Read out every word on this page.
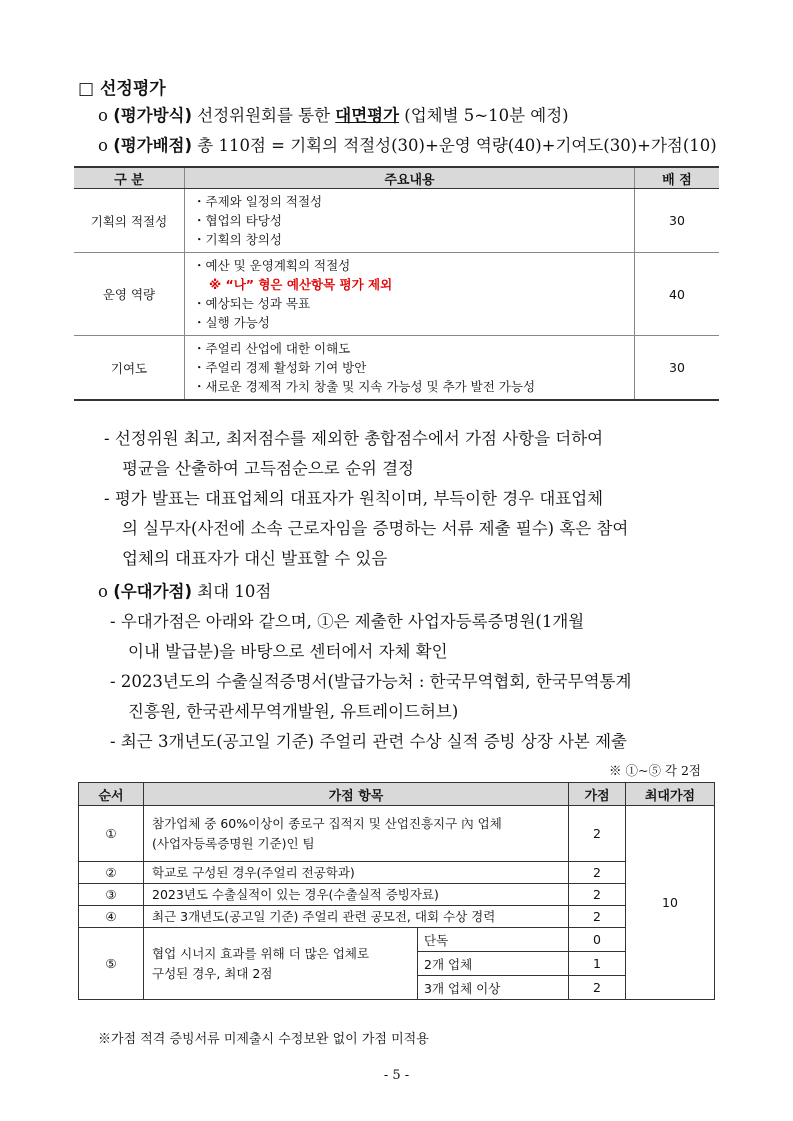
□ 선정평가
o (평가방식) 선정위원회를 통한 대면평가 (업체별 5~10분 예정)
o (평가배점) 총 110점 = 기획의 적절성(30)+운영 역량(40)+기여도(30)+가점(10)
구 분	주요내용	배 점
기획의 적절성	・주제와 일정의 적절성
・협업의 타당성
・기획의 창의성	30
운영 역량	・예산 및 운영계획의 적절성
※ “나” 형은 예산항목 평가 제외
・예상되는 성과 목표
・실행 가능성	40
기여도	・주얼리 산업에 대한 이해도
・주얼리 경제 활성화 기여 방안
・새로운 경제적 가치 창출 및 지속 가능성 및 추가 발전 가능성	30
- 선정위원 최고, 최저점수를 제외한 총합점수에서 가점 사항을 더하여
평균을 산출하여 고득점순으로 순위 결정
- 평가 발표는 대표업체의 대표자가 원칙이며, 부득이한 경우 대표업체
의 실무자(사전에 소속 근로자임을 증명하는 서류 제출 필수) 혹은 참여
업체의 대표자가 대신 발표할 수 있음
o (우대가점) 최대 10점
- 우대가점은 아래와 같으며, ①은 제출한 사업자등록증명원(1개월
이내 발급분)을 바탕으로 센터에서 자체 확인
- 2023년도의 수출실적증명서(발급가능처 : 한국무역협회, 한국무역통계
진흥원, 한국관세무역개발원, 유트레이드허브)
- 최근 3개년도(공고일 기준) 주얼리 관련 수상 실적 증빙 상장 사본 제출
※ ①~⑤ 각 2점
순서	가점 항목		가점	최대가점
①	참가업체 중 60%이상이 종로구 집적지 및 산업진흥지구 內 업체
(사업자등록증명원 기준)인 팀		2	10
②	학교로 구성된 경우(주얼리 전공학과)		2	
③	2023년도 수출실적이 있는 경우(수출실적 증빙자료)		2	
④	최근 3개년도(공고일 기준) 주얼리 관련 공모전, 대회 수상 경력		2	
⑤	협업 시너지 효과를 위해 더 많은 업체로
구성된 경우, 최대 2점	단독	0	
		2개 업체	1	
		3개 업체 이상	2	
※가점 적격 증빙서류 미제출시 수정보완 없이 가점 미적용
- 5 -
